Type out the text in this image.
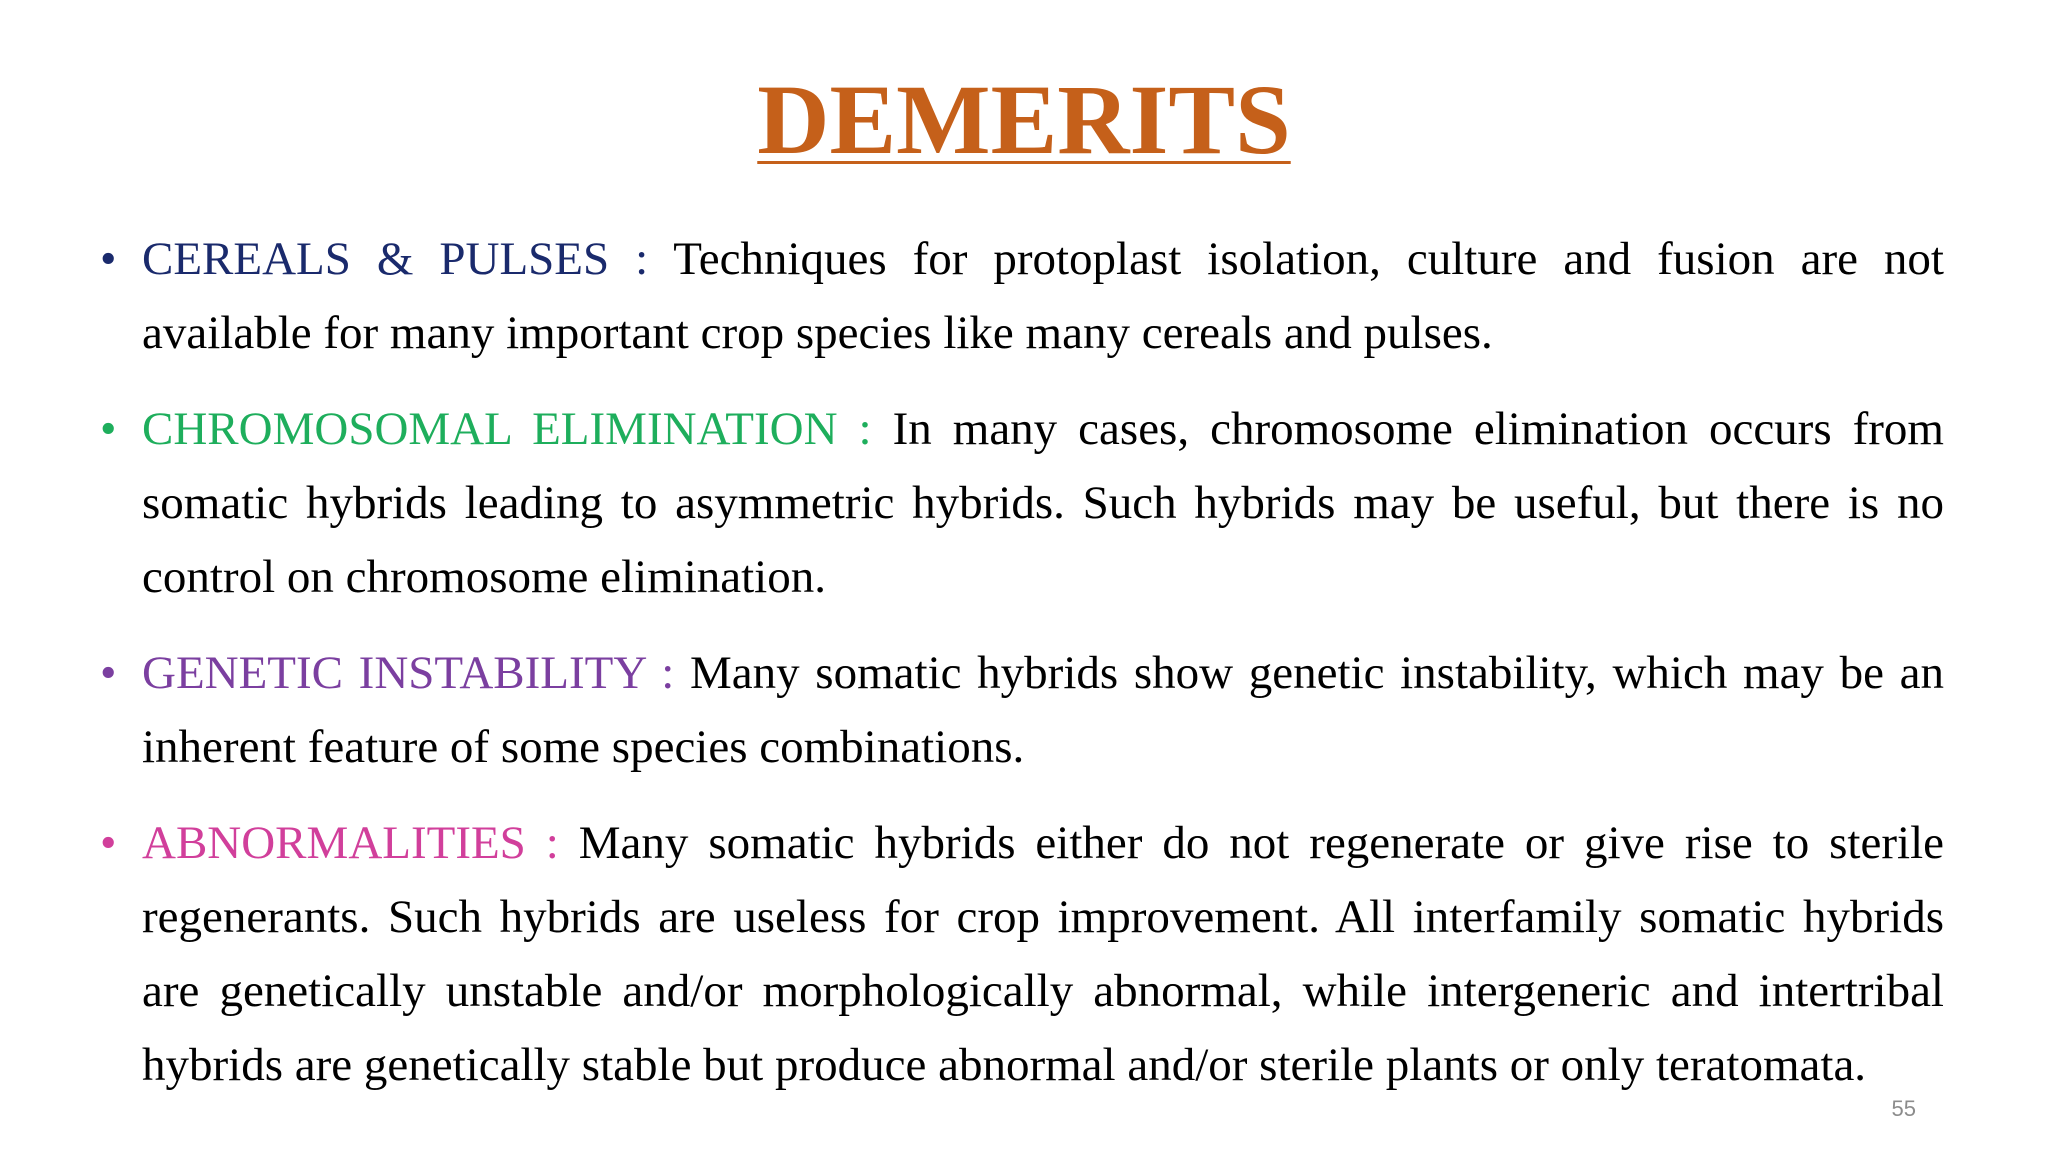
DEMERITS
• CEREALS & PULSES : Techniques for protoplast isolation, culture and fusion are not available for many important crop species like many cereals and pulses.
• CHROMOSOMAL ELIMINATION : In many cases, chromosome elimination occurs from somatic hybrids leading to asymmetric hybrids. Such hybrids may be useful, but there is no control on chromosome elimination.
• GENETIC INSTABILITY : Many somatic hybrids show genetic instability, which may be an inherent feature of some species combinations.
• ABNORMALITIES : Many somatic hybrids either do not regenerate or give rise to sterile regenerants. Such hybrids are useless for crop improvement. All interfamily somatic hybrids are genetically unstable and/or morphologically abnormal, while intergeneric and intertribal hybrids are genetically stable but produce abnormal and/or sterile plants or only teratomata.
55
